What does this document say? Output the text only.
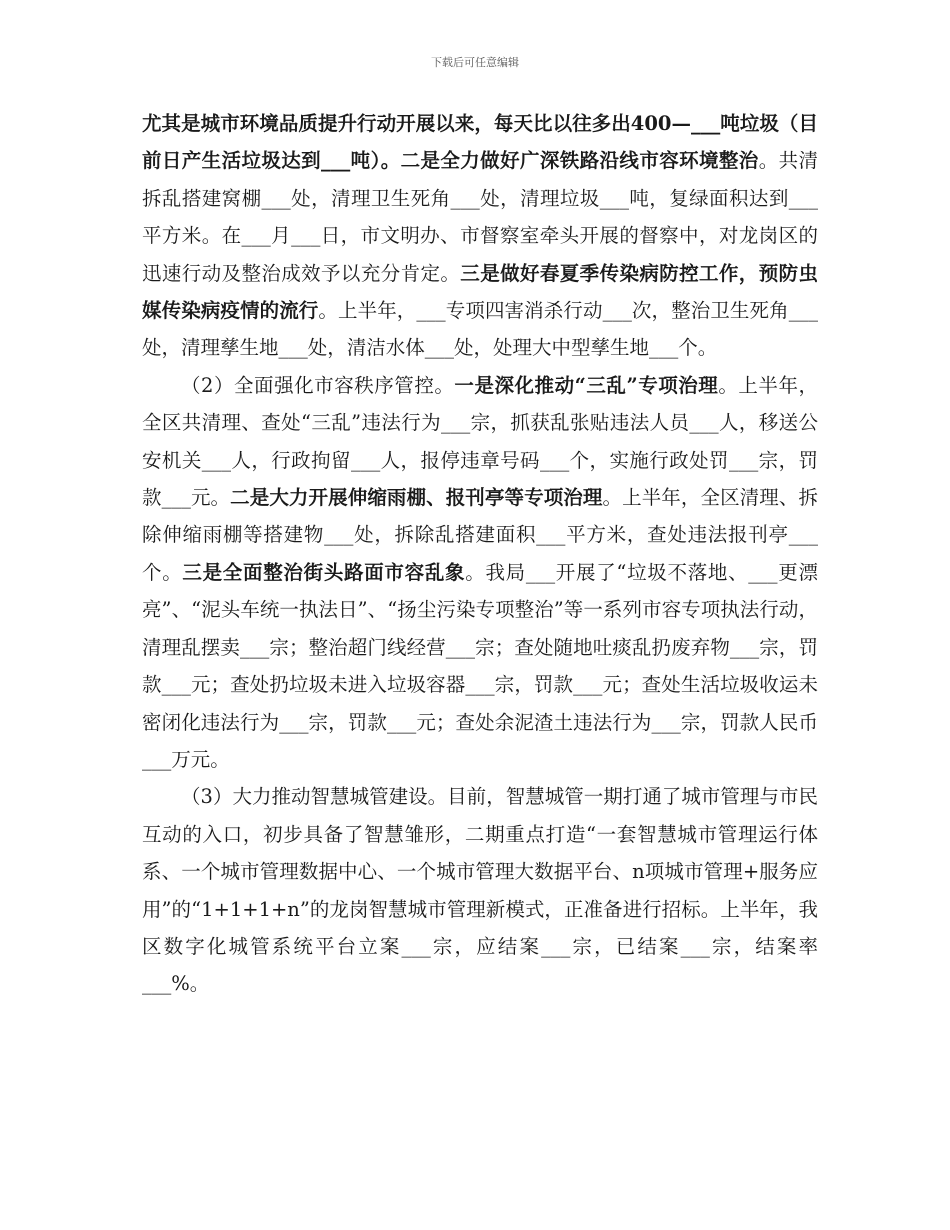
下载后可任意编辑

尤其是城市环境品质提升行动开展以来，每天比以往多出400—___吨垃圾（目前日产生活垃圾达到___吨）。二是全力做好广深铁路沿线市容环境整治。共清拆乱搭建窝棚___处，清理卫生死角___处，清理垃圾___吨，复绿面积达到___平方米。在___月___日，市文明办、市督察室牵头开展的督察中，对龙岗区的迅速行动及整治成效予以充分肯定。三是做好春夏季传染病防控工作，预防虫媒传染病疫情的流行。上半年，___专项四害消杀行动___次，整治卫生死角___处，清理孳生地___处，清洁水体___处，处理大中型孳生地___个。

（2）全面强化市容秩序管控。一是深化推动“三乱”专项治理。上半年，全区共清理、查处“三乱”违法行为___宗，抓获乱张贴违法人员___人，移送公安机关___人，行政拘留___人，报停违章号码___个，实施行政处罚___宗，罚款___元。二是大力开展伸缩雨棚、报刊亭等专项治理。上半年，全区清理、拆除伸缩雨棚等搭建物___处，拆除乱搭建面积___平方米，查处违法报刊亭___个。三是全面整治街头路面市容乱象。我局___开展了“垃圾不落地、___更漂亮”、“泥头车统一执法日”、“扬尘污染专项整治”等一系列市容专项执法行动，清理乱摆卖___宗；整治超门线经营___宗；查处随地吐痰乱扔废弃物___宗，罚款___元；查处扔垃圾未进入垃圾容器___宗，罚款___元；查处生活垃圾收运未密闭化违法行为___宗，罚款___元；查处余泥渣土违法行为___宗，罚款人民币___万元。

（3）大力推动智慧城管建设。目前，智慧城管一期打通了城市管理与市民互动的入口，初步具备了智慧雏形，二期重点打造“一套智慧城市管理运行体系、一个城市管理数据中心、一个城市管理大数据平台、n项城市管理+服务应用”的“1+1+1+n”的龙岗智慧城市管理新模式，正准备进行招标。上半年，我区数字化城管系统平台立案___宗，应结案___宗，已结案___宗，结案率___%。
